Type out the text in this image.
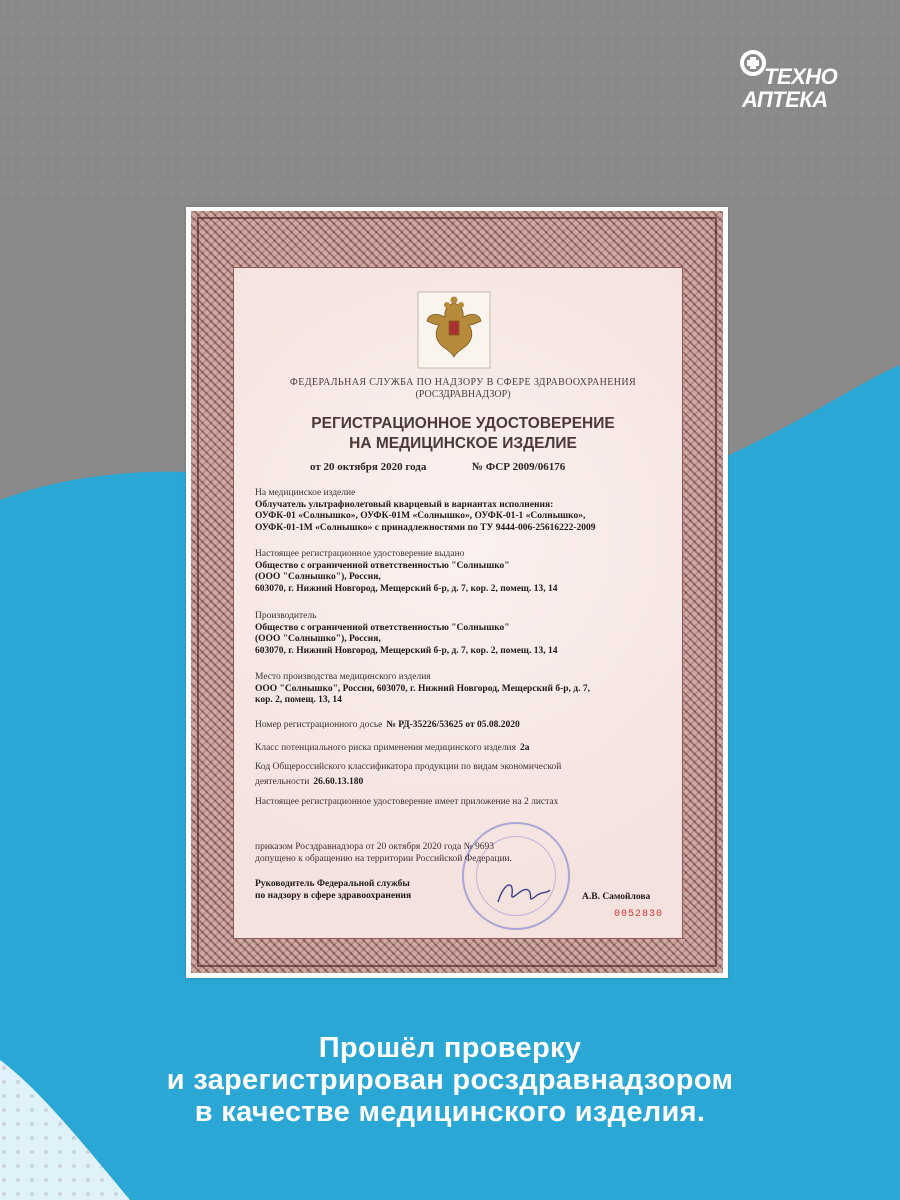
ТЕХНО
АПТЕКА
ФЕДЕРАЛЬНАЯ СЛУЖБА ПО НАДЗОРУ В СФЕРЕ ЗДРАВООХРАНЕНИЯ
(РОСЗДРАВНАДЗОР)
РЕГИСТРАЦИОННОЕ УДОСТОВЕРЕНИЕ
НА МЕДИЦИНСКОЕ ИЗДЕЛИЕ
от 20 октября 2020 года	№ ФСР 2009/06176
На медицинское изделие
Облучатель ультрафиолетовый кварцевый в вариантах исполнения:
ОУФК-01 «Солнышко», ОУФК-01М «Солнышко», ОУФК-01-1 «Солнышко»,
ОУФК-01-1М «Солнышко» с принадлежностями по ТУ 9444-006-25616222-2009
Настоящее регистрационное удостоверение выдано
Общество с ограниченной ответственностью "Солнышко"
(ООО "Солнышко"), Россия,
603070, г. Нижний Новгород, Мещерский б-р, д. 7, кор. 2, помещ. 13, 14
Производитель
Общество с ограниченной ответственностью "Солнышко"
(ООО "Солнышко"), Россия,
603070, г. Нижний Новгород, Мещерский б-р, д. 7, кор. 2, помещ. 13, 14
Место производства медицинского изделия
ООО "Солнышко", Россия, 603070, г. Нижний Новгород, Мещерский б-р, д. 7,
кор. 2, помещ. 13, 14
Номер регистрационного досье № РД-35226/53625 от 05.08.2020
Класс потенциального риска применения медицинского изделия 2а
Код Общероссийского классификатора продукции по видам экономической
деятельности 26.60.13.180
Настоящее регистрационное удостоверение имеет приложение на 2 листах
приказом Росздравнадзора от 20 октября 2020 года № 9693
допущено к обращению на территории Российской Федерации.
Руководитель Федеральной службы
по надзору в сфере здравоохранения	А.В. Самойлова
0052830
Прошёл проверку
и зарегистрирован росздравнадзором
в качестве медицинского изделия.
